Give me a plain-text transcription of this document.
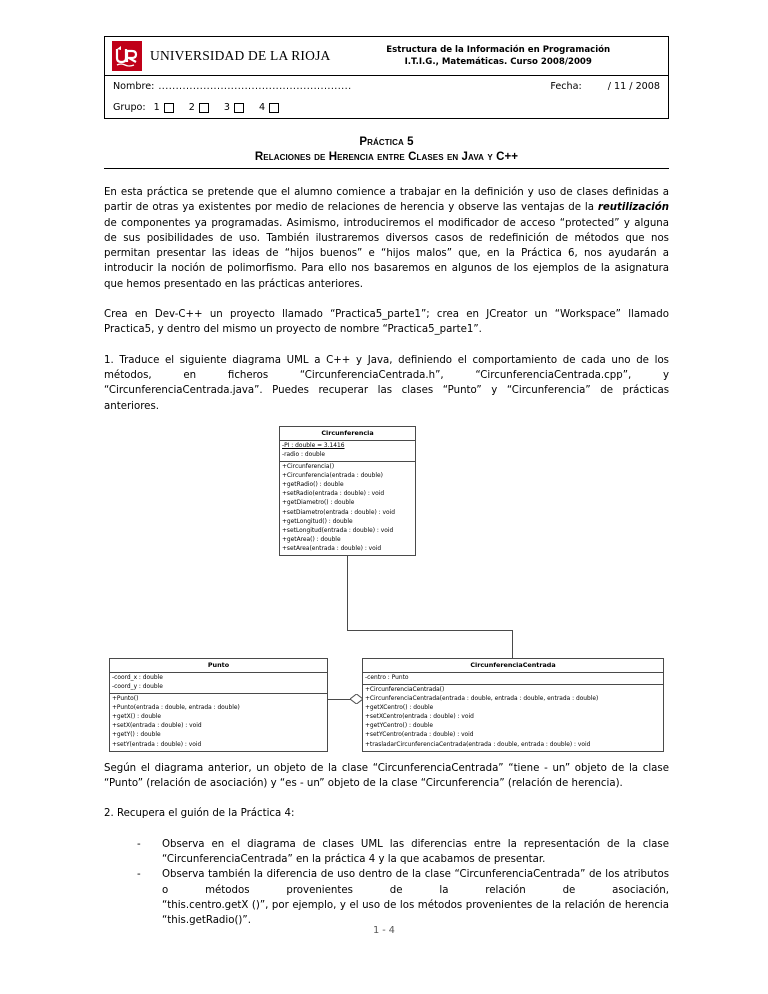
UNIVERSIDAD DE LA RIOJA	Estructura de la Información en Programación
I.T.I.G., Matemáticas. Curso 2008/2009
Nombre: ........................................................	Fecha:	/ 11 / 2008
Grupo: 1	2	3	4
Práctica 5
Relaciones de Herencia entre Clases en Java y C++

En esta práctica se pretende que el alumno comience a trabajar en la definición y uso de clases definidas a partir de otras ya existentes por medio de relaciones de herencia y observe las ventajas de la reutilización de componentes ya programadas. Asimismo, introduciremos el modificador de acceso “protected” y alguna de sus posibilidades de uso. También ilustraremos diversos casos de redefinición de métodos que nos permitan presentar las ideas de “hijos buenos” e “hijos malos” que, en la Práctica 6, nos ayudarán a introducir la noción de polimorfismo. Para ello nos basaremos en algunos de los ejemplos de la asignatura que hemos presentado en las prácticas anteriores.

Crea en Dev-C++ un proyecto llamado “Practica5_parte1”; crea en JCreator un “Workspace” llamado Practica5, y dentro del mismo un proyecto de nombre “Practica5_parte1”.

1. Traduce el siguiente diagrama UML a C++ y Java, definiendo el comportamiento de cada uno de los métodos, en ficheros “CircunferenciaCentrada.h”, “CircunferenciaCentrada.cpp”, y “CircunferenciaCentrada.java”. Puedes recuperar las clases “Punto” y “Circunferencia” de prácticas anteriores.

Circunferencia
-PI : double = 3.1416
-radio : double
+Circunferencia()
+Circunferencia(entrada : double)
+getRadio() : double
+setRadio(entrada : double) : void
+getDiametro() : double
+setDiametro(entrada : double) : void
+getLongitud() : double
+setLongitud(entrada : double) : void
+getArea() : double
+setArea(entrada : double) : void
Punto
-coord_x : double
-coord_y : double
+Punto()
+Punto(entrada : double, entrada : double)
+getX() : double
+setX(entrada : double) : void
+getY() : double
+setY(entrada : double) : void
CircunferenciaCentrada
-centro : Punto
+CircunferenciaCentrada()
+CircunferenciaCentrada(entrada : double, entrada : double, entrada : double)
+getXCentro() : double
+setXCentro(entrada : double) : void
+getYCentro() : double
+setYCentro(entrada : double) : void
+trasladarCircunferenciaCentrada(entrada : double, entrada : double) : void

Según el diagrama anterior, un objeto de la clase “CircunferenciaCentrada” “tiene - un” objeto de la clase “Punto” (relación de asociación) y “es - un” objeto de la clase “Circunferencia” (relación de herencia).

2. Recupera el guión de la Práctica 4:

- Observa en el diagrama de clases UML las diferencias entre la representación de la clase “CircunferenciaCentrada” en la práctica 4 y la que acabamos de presentar.
- Observa también la diferencia de uso dentro de la clase “CircunferenciaCentrada” de los atributos o métodos provenientes de la relación de asociación, “this.centro.getX ()”, por ejemplo, y el uso de los métodos provenientes de la relación de herencia “this.getRadio()”.
1 - 4
